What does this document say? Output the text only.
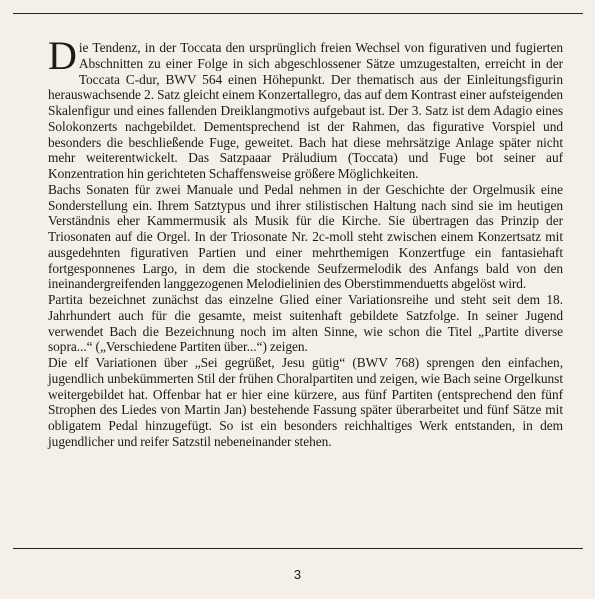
Die Tendenz, in der Toccata den ursprünglich freien Wechsel von figurativen und fugierten Abschnitten zu einer Folge in sich abgeschlossener Sätze umzugestalten, erreicht in der Toccata C-dur, BWV 564 einen Höhepunkt. Der thematisch aus der Einleitungsfigurin herauswachsende 2. Satz gleicht einem Konzertallegro, das auf dem Kontrast einer aufsteigenden Skalenfigur und eines fallenden Dreiklangmotivs aufgebaut ist. Der 3. Satz ist dem Adagio eines Solokonzerts nachgebildet. Dementsprechend ist der Rahmen, das figurative Vorspiel und besonders die beschließende Fuge, geweitet. Bach hat diese mehrsätzige Anlage später nicht mehr weiterentwickelt. Das Satzpaaar Präludium (Toccata) und Fuge bot seiner auf Konzentration hin gerichteten Schaffensweise größere Möglichkeiten.

Bachs Sonaten für zwei Manuale und Pedal nehmen in der Geschichte der Orgelmusik eine Sonderstellung ein. Ihrem Satztypus und ihrer stilistischen Haltung nach sind sie im heutigen Verständnis eher Kammermusik als Musik für die Kirche. Sie übertragen das Prinzip der Triosonaten auf die Orgel. In der Triosonate Nr. 2c-moll steht zwischen einem Konzertsatz mit ausgedehnten figurativen Partien und einer mehrthemigen Konzertfuge ein fantasiehaft fortgesponnenes Largo, in dem die stockende Seufzermelodik des Anfangs bald von den ineinandergreifenden langgezogenen Melodielinien des Oberstimmenduetts abgelöst wird.

Partita bezeichnet zunächst das einzelne Glied einer Variationsreihe und steht seit dem 18. Jahrhundert auch für die gesamte, meist suitenhaft gebildete Satzfolge. In seiner Jugend verwendet Bach die Bezeichnung noch im alten Sinne, wie schon die Titel „Partite diverse sopra...“ („Verschiedene Partiten über...“) zeigen.

Die elf Variationen über „Sei gegrüßet, Jesu gütig“ (BWV 768) sprengen den einfachen, jugendlich unbekümmerten Stil der frühen Choralpartiten und zeigen, wie Bach seine Orgelkunst weitergebildet hat. Offenbar hat er hier eine kürzere, aus fünf Partiten (entsprechend den fünf Strophen des Liedes von Martin Jan) bestehende Fassung später überarbeitet und fünf Sätze mit obligatem Pedal hinzugefügt. So ist ein besonders reichhaltiges Werk entstanden, in dem jugendlicher und reifer Satzstil nebeneinander stehen.

3
